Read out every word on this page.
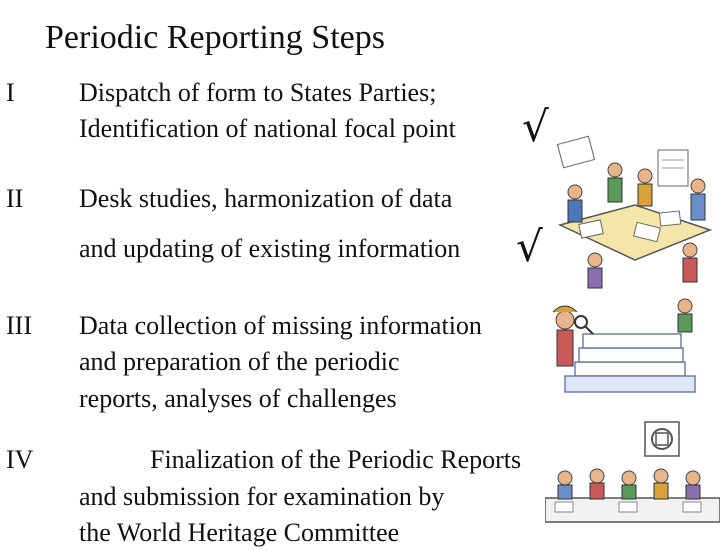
Periodic Reporting Steps
I Dispatch of form to States Parties;
Identification of national focal point √
II Desk studies, harmonization of data
and updating of existing information √
III Data collection of missing information
and preparation of the periodic
reports, analyses of challenges
IV	Finalization of the Periodic Reports
and submission for examination by
the World Heritage Committee
